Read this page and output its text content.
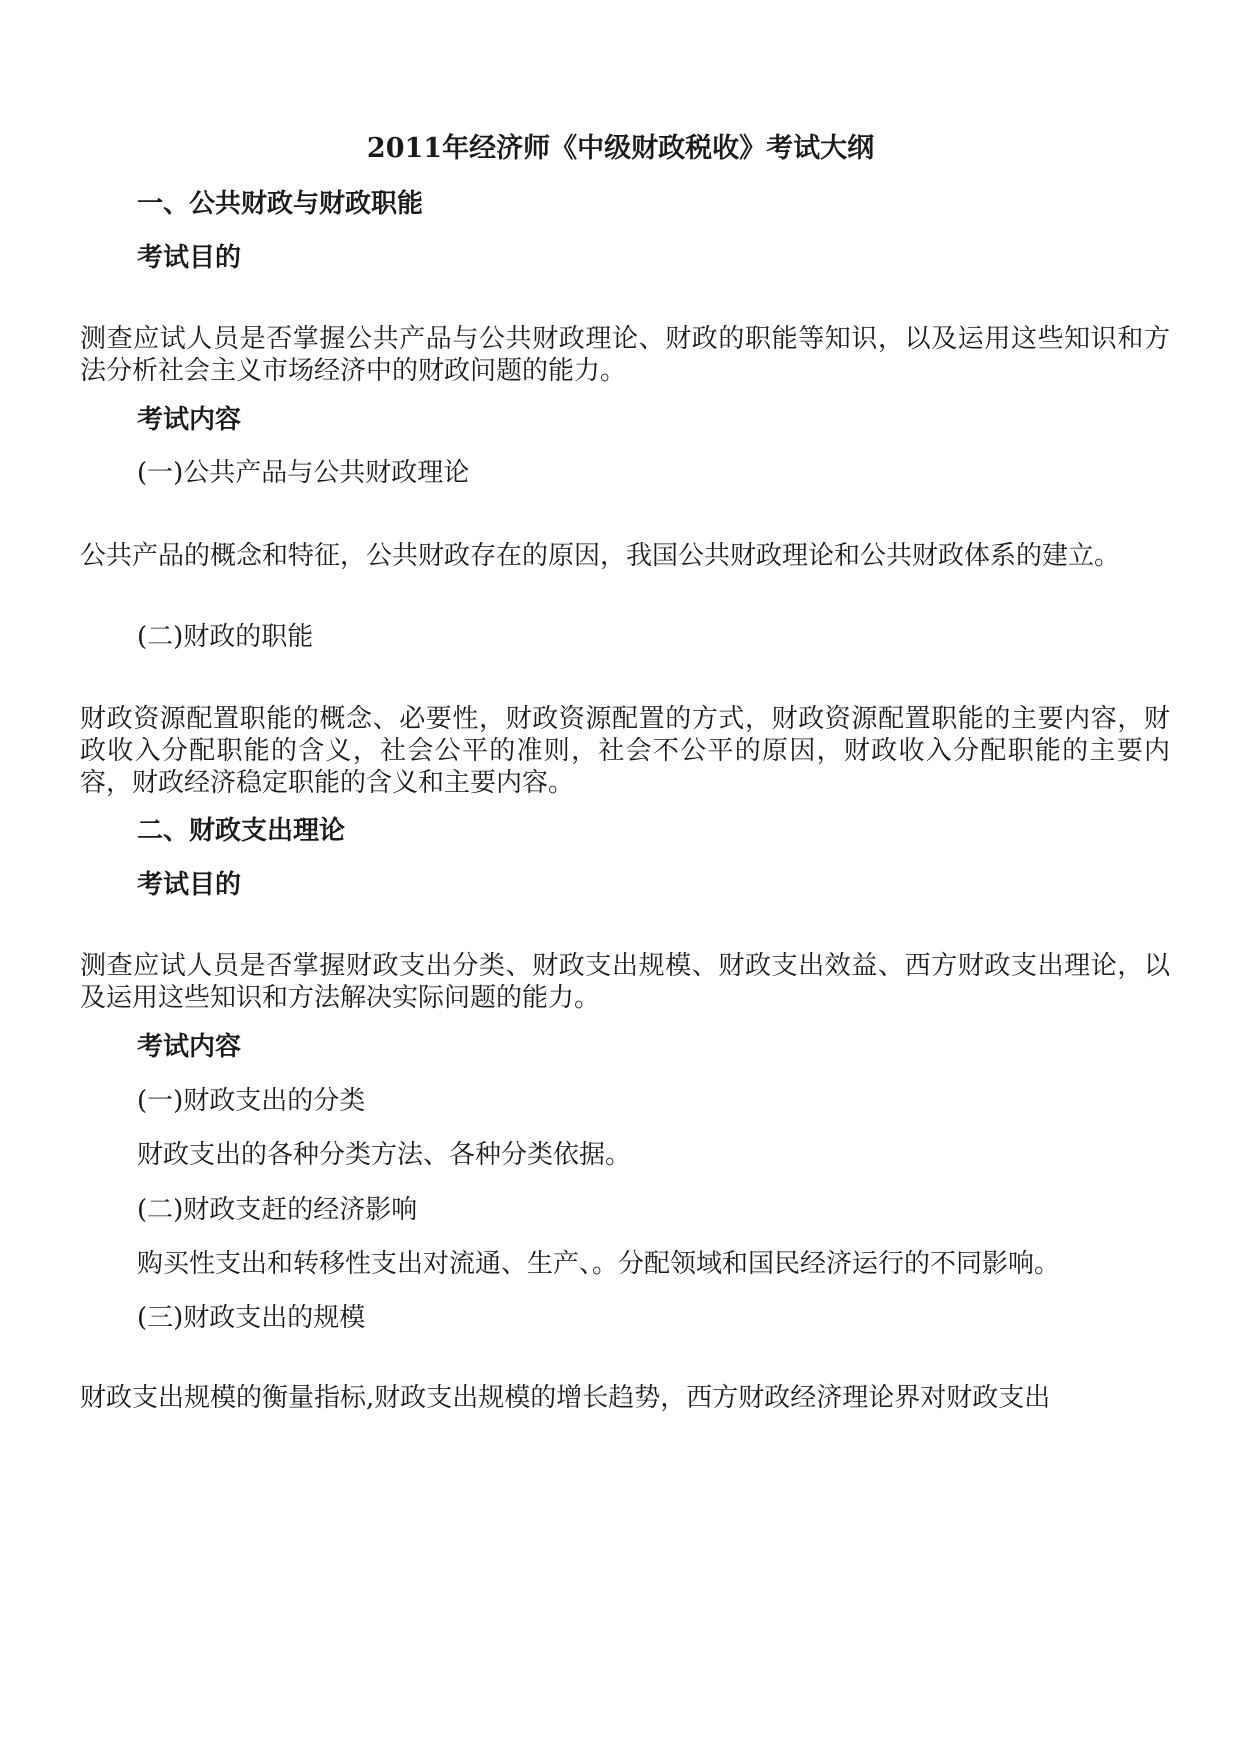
2011年经济师《中级财政税收》考试大纲
一、公共财政与财政职能
考试目的

测查应试人员是否掌握公共产品与公共财政理论、财政的职能等知识，以及运用这些知识和方法分析社会主义市场经济中的财政问题的能力。

考试内容

(一)公共产品与公共财政理论

公共产品的概念和特征，公共财政存在的原因，我国公共财政理论和公共财政体系的建立。

(二)财政的职能

财政资源配置职能的概念、必要性，财政资源配置的方式，财政资源配置职能的主要内容，财政收入分配职能的含义，社会公平的准则，社会不公平的原因，财政收入分配职能的主要内容，财政经济稳定职能的含义和主要内容。

二、财政支出理论
考试目的

测查应试人员是否掌握财政支出分类、财政支出规模、财政支出效益、西方财政支出理论，以及运用这些知识和方法解决实际问题的能力。

考试内容

(一)财政支出的分类

财政支出的各种分类方法、各种分类依据。

(二)财政支赶的经济影响

购买性支出和转移性支出对流通、生产、。分配领域和国民经济运行的不同影响。

(三)财政支出的规模

财政支出规模的衡量指标,财政支出规模的增长趋势，西方财政经济理论界对财政支出
